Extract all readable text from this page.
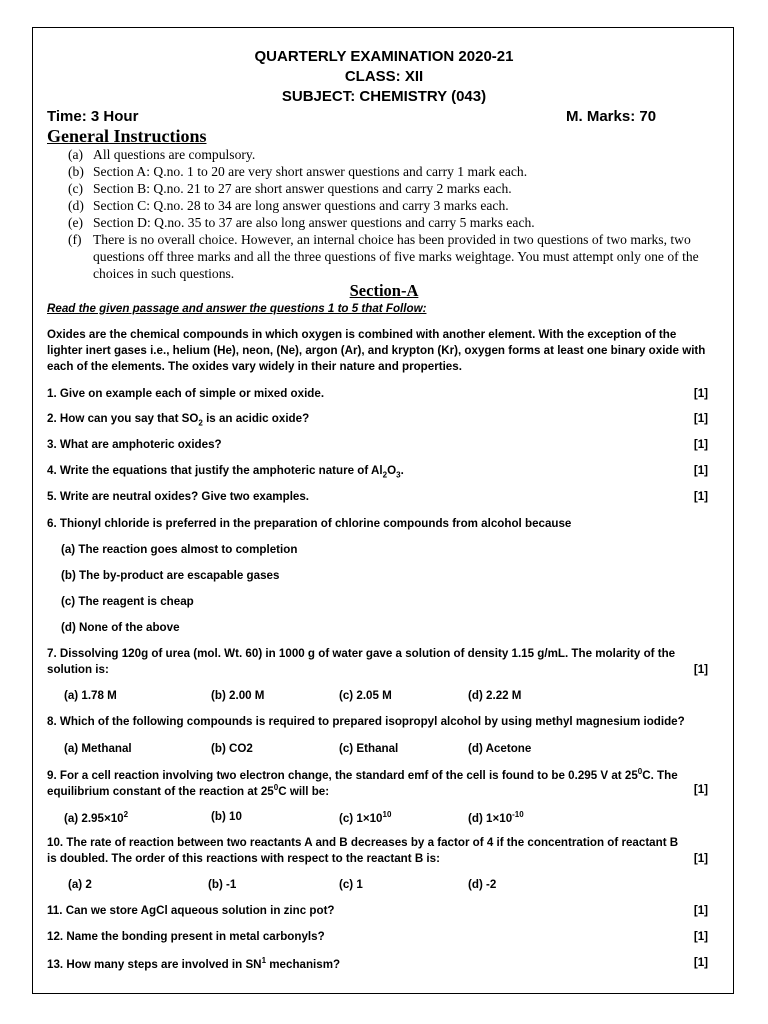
QUARTERLY EXAMINATION 2020-21
CLASS: XII
SUBJECT: CHEMISTRY (043)
Time: 3 Hour	M. Marks: 70
General Instructions
(a) All questions are compulsory.
(b) Section A: Q.no. 1 to 20 are very short answer questions and carry 1 mark each.
(c) Section B: Q.no. 21 to 27 are short answer questions and carry 2 marks each.
(d) Section C: Q.no. 28 to 34 are long answer questions and carry 3 marks each.
(e) Section D: Q.no. 35 to 37 are also long answer questions and carry 5 marks each.
(f) There is no overall choice. However, an internal choice has been provided in two questions of two marks, two questions off three marks and all the three questions of five marks weightage. You must attempt only one of the choices in such questions.
Section-A
Read the given passage and answer the questions 1 to 5 that Follow:
Oxides are the chemical compounds in which oxygen is combined with another element. With the exception of the lighter inert gases i.e., helium (He), neon, (Ne), argon (Ar), and krypton (Kr), oxygen forms at least one binary oxide with each of the elements. The oxides vary widely in their nature and properties.
1. Give on example each of simple or mixed oxide.	[1]
2. How can you say that $SO_2$ is an acidic oxide?	[1]
3. What are amphoteric oxides?	[1]
4. Write the equations that justify the amphoteric nature of $Al_2O_3$.	[1]
5. Write are neutral oxides? Give two examples.	[1]
6. Thionyl chloride is preferred in the preparation of chlorine compounds from alcohol because
(a) The reaction goes almost to completion
(b) The by-product are escapable gases
(c) The reagent is cheap
(d) None of the above
7. Dissolving 120g of urea (mol. Wt. 60) in 1000 g of water gave a solution of density 1.15 g/mL. The molarity of the
solution is:	[1]
(a) 1.78 M	(b) 2.00 M	(c) 2.05 M	(d) 2.22 M
8. Which of the following compounds is required to prepared isopropyl alcohol by using methyl magnesium iodide?
(a) Methanal	(b) CO2	(c) Ethanal	(d) Acetone
9. For a cell reaction involving two electron change, the standard emf of the cell is found to be 0.295 V at $25^0C$. The
equilibrium constant of the reaction at $25^0C$ will be:	[1]
(a) $2.95\times 10^2$	(b) 10	(c) $1\times 10^{10}$	(d) $1\times 10^{-10}$
10. The rate of reaction between two reactants A and B decreases by a factor of 4 if the concentration of reactant B
is doubled. The order of this reactions with respect to the reactant B is:	[1]
(a) 2	(b) -1	(c) 1	(d) -2
11. Can we store AgCl aqueous solution in zinc pot?	[1]
12. Name the bonding present in metal carbonyls?	[1]
13. How many steps are involved in $SN^1$ mechanism?	[1]
